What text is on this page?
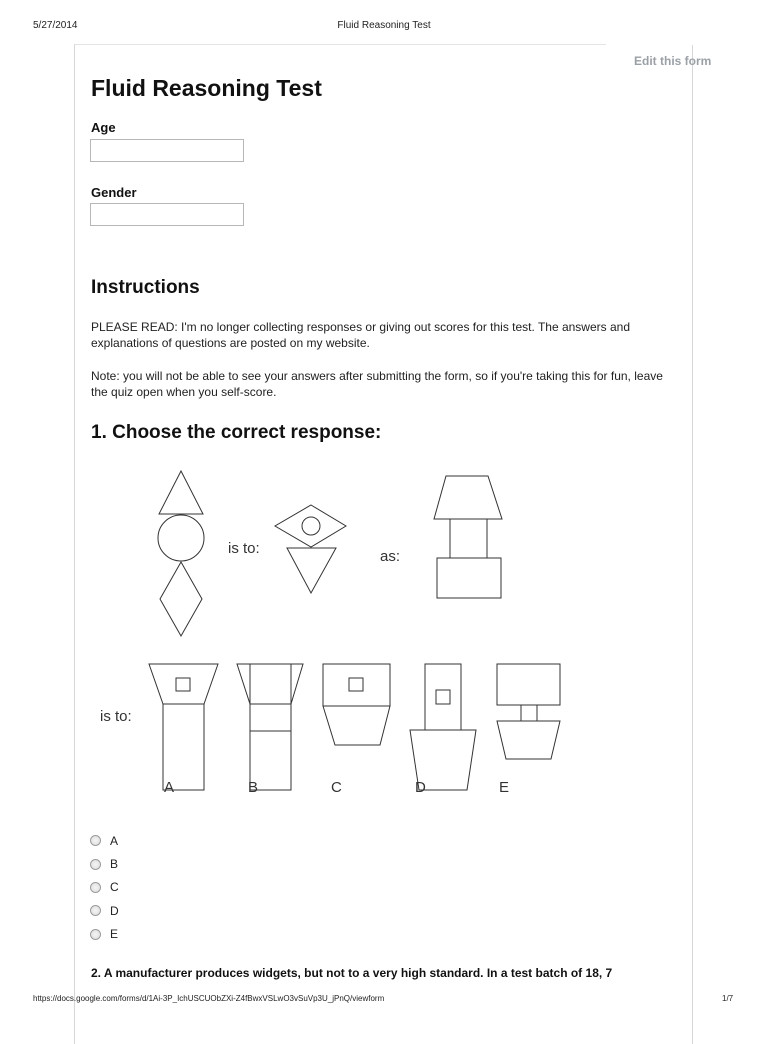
5/27/2014	Fluid Reasoning Test
Edit this form
Fluid Reasoning Test
Age
Gender
Instructions
PLEASE READ: I'm no longer collecting responses or giving out scores for this test. The answers and explanations of questions are posted on my website.
Note: you will not be able to see your answers after submitting the form, so if you're taking this for fun, leave the quiz open when you self-score.
1. Choose the correct response:
is to:	as:
is to:
A	B	C	D	E
A
B
C
D
E
2. A manufacturer produces widgets, but not to a very high standard. In a test batch of 18, 7
https://docs.google.com/forms/d/1Ai-3P_IchUSCUObZXi-Z4fBwxVSLwO3vSuVp3U_jPnQ/viewform	1/7
